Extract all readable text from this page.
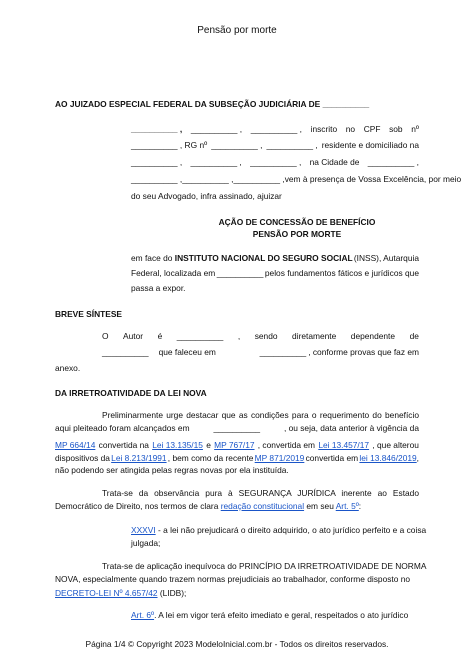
Pensão por morte
AO JUIZADO ESPECIAL FEDERAL DA SUBSEÇÃO JUDICIÁRIA DE __________
__________ , __________ , __________ , inscrito no CPF sob nº
__________ , RG nº __________ , __________ , residente e domiciliado na
__________ , __________ , __________ , na Cidade de __________ ,
__________ , __________ , __________ , vem à presença de Vossa Excelência, por meio
do seu Advogado, infra assinado, ajuizar
AÇÃO DE CONCESSÃO DE BENEFÍCIO
PENSÃO POR MORTE
em face do INSTITUTO NACIONAL DO SEGURO SOCIAL (INSS), Autarquia
Federal, localizada em __________ pelos fundamentos fáticos e jurídicos que
passa a expor.
BREVE SÍNTESE
O Autor é __________ , sendo diretamente dependente de
__________ que faleceu em	__________ , conforme provas que faz em
anexo.
DA IRRETROATIVIDADE DA LEI NOVA
Preliminarmente urge destacar que as condições para o requerimento do benefício
aqui pleiteado foram alcançados em	__________	, ou seja, data anterior à vigência da
MP 664/14 convertida na Lei 13.135/15 e MP 767/17 , convertida em Lei 13.457/17 , que alterou
dispositivos da Lei 8.213/1991 , bem como da recente MP 871/2019 convertida em lei 13.846/2019,
não podendo ser atingida pelas regras novas por ela instituída.
Trata-se da observância pura à SEGURANÇA JURÍDICA inerente ao Estado
Democrático de Direito, nos termos de clara redação constitucional em seu Art. 5º:
XXXVI - a lei não prejudicará o direito adquirido, o ato jurídico perfeito e a coisa
julgada;
Trata-se de aplicação inequívoca do PRINCÍPIO DA IRRETROATIVIDADE DE NORMA
NOVA, especialmente quando trazem normas prejudiciais ao trabalhador, conforme disposto no
DECRETO-LEI Nº 4.657/42 (LIDB);
Art. 6º. A lei em vigor terá efeito imediato e geral, respeitados o ato jurídico
Página 1/4 © Copyright 2023 ModeloInicial.com.br - Todos os direitos reservados.
